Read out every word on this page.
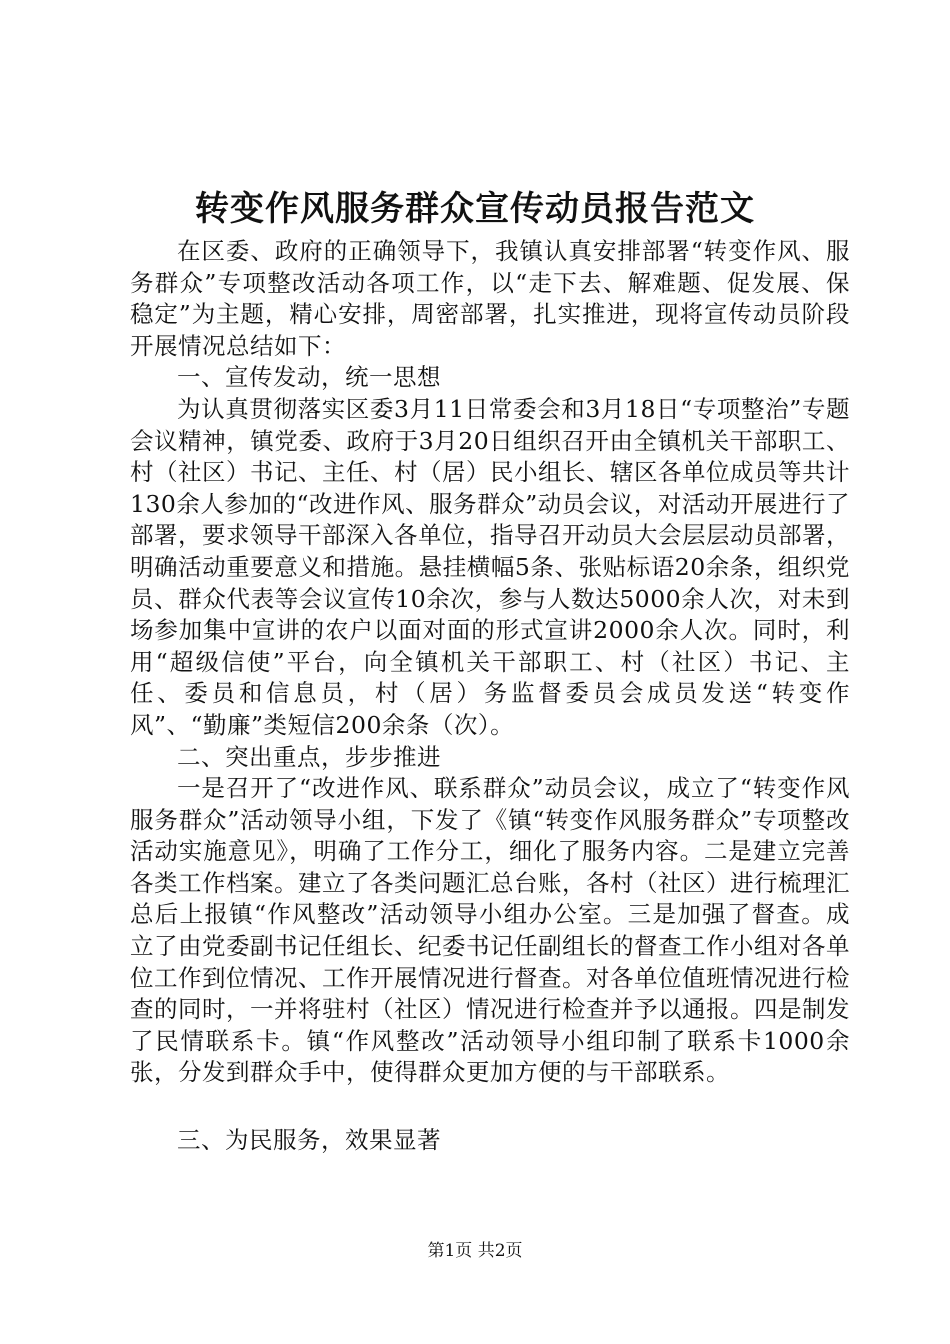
转变作风服务群众宣传动员报告范文

在区委、政府的正确领导下，我镇认真安排部署“转变作风、服务群众”专项整改活动各项工作，以“走下去、解难题、促发展、保稳定”为主题，精心安排，周密部署，扎实推进，现将宣传动员阶段开展情况总结如下：

一、宣传发动，统一思想

为认真贯彻落实区委3月11日常委会和3月18日“专项整治”专题会议精神，镇党委、政府于3月20日组织召开由全镇机关干部职工、村（社区）书记、主任、村（居）民小组长、辖区各单位成员等共计130余人参加的“改进作风、服务群众”动员会议，对活动开展进行了部署，要求领导干部深入各单位，指导召开动员大会层层动员部署，明确活动重要意义和措施。悬挂横幅5条、张贴标语20余条，组织党员、群众代表等会议宣传10余次，参与人数达5000余人次，对未到场参加集中宣讲的农户以面对面的形式宣讲2000余人次。同时，利用“超级信使”平台，向全镇机关干部职工、村（社区）书记、主任、委员和信息员，村（居）务监督委员会成员发送“转变作风”、“勤廉”类短信200余条（次）。

二、突出重点，步步推进

一是召开了“改进作风、联系群众”动员会议，成立了“转变作风服务群众”活动领导小组，下发了《镇“转变作风服务群众”专项整改活动实施意见》，明确了工作分工，细化了服务内容。二是建立完善各类工作档案。建立了各类问题汇总台账，各村（社区）进行梳理汇总后上报镇“作风整改”活动领导小组办公室。三是加强了督查。成立了由党委副书记任组长、纪委书记任副组长的督查工作小组对各单位工作到位情况、工作开展情况进行督查。对各单位值班情况进行检查的同时，一并将驻村（社区）情况进行检查并予以通报。四是制发了民情联系卡。镇“作风整改”活动领导小组印制了联系卡1000余张，分发到群众手中，使得群众更加方便的与干部联系。

三、为民服务，效果显著

第1页 共2页
